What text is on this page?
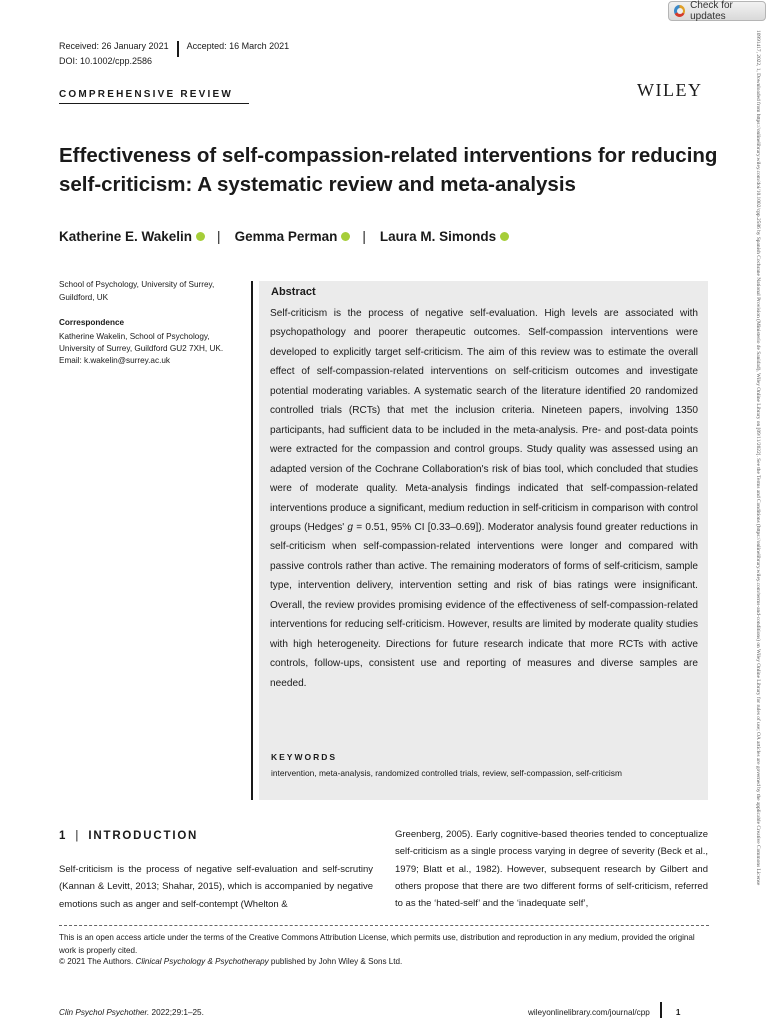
Check for updates
10991417, 2022, 1, Downloaded from https://onlinelibrary.wiley.com/doi/10.1002/cpp.2586 by Spanish Cochrane National Provision (Ministerio de Sanidad), Wiley Online Library on [09/11/2022]. See the Terms and Conditions (https://onlinelibrary.wiley.com/terms-and-conditions) on Wiley Online Library for rules of use; OA articles are governed by the applicable Creative Commons License
Received: 26 January 2021 Accepted: 16 March 2021
DOI: 10.1002/cpp.2586
WILEY
COMPREHENSIVE REVIEW
Effectiveness of self-compassion-related interventions for reducing self-criticism: A systematic review and meta-analysis
Katherine E. Wakelin | Gemma Perman | Laura M. Simonds
School of Psychology, University of Surrey, Guildford, UK
Correspondence
Katherine Wakelin, School of Psychology,
University of Surrey, Guildford GU2 7XH, UK.
Email: k.wakelin@surrey.ac.uk
Abstract
Self-criticism is the process of negative self-evaluation. High levels are associated with psychopathology and poorer therapeutic outcomes. Self-compassion interventions were developed to explicitly target self-criticism. The aim of this review was to estimate the overall effect of self-compassion-related interventions on self-criticism outcomes and investigate potential moderating variables. A systematic search of the literature identified 20 randomized controlled trials (RCTs) that met the inclusion criteria. Nineteen papers, involving 1350 participants, had sufficient data to be included in the meta-analysis. Pre- and post-data points were extracted for the compassion and control groups. Study quality was assessed using an adapted version of the Cochrane Collaboration's risk of bias tool, which concluded that studies were of moderate quality. Meta-analysis findings indicated that self-compassion-related interventions produce a significant, medium reduction in self-criticism in comparison with control groups (Hedges' g = 0.51, 95% CI [0.33–0.69]). Moderator analysis found greater reductions in self-criticism when self-compassion-related interventions were longer and compared with passive controls rather than active. The remaining moderators of forms of self-criticism, sample type, intervention delivery, intervention setting and risk of bias ratings were insignificant. Overall, the review provides promising evidence of the effectiveness of self-compassion-related interventions for reducing self-criticism. However, results are limited by moderate quality studies with high heterogeneity. Directions for future research indicate that more RCTs with active controls, follow-ups, consistent use and reporting of measures and diverse samples are needed.
KEYWORDS
intervention, meta-analysis, randomized controlled trials, review, self-compassion, self-criticism
1 | INTRODUCTION
Self-criticism is the process of negative self-evaluation and self-scrutiny (Kannan & Levitt, 2013; Shahar, 2015), which is accompanied by negative emotions such as anger and self-contempt (Whelton &
Greenberg, 2005). Early cognitive-based theories tended to conceptualize self-criticism as a single process varying in degree of severity (Beck et al., 1979; Blatt et al., 1982). However, subsequent research by Gilbert and others propose that there are two different forms of self-criticism, referred to as the ‘hated-self’ and the ‘inadequate self’,
This is an open access article under the terms of the Creative Commons Attribution License, which permits use, distribution and reproduction in any medium, provided the original work is properly cited.
© 2021 The Authors. Clinical Psychology & Psychotherapy published by John Wiley & Sons Ltd.
Clin Psychol Psychother. 2022;29:1–25.	wileyonlinelibrary.com/journal/cpp	1
